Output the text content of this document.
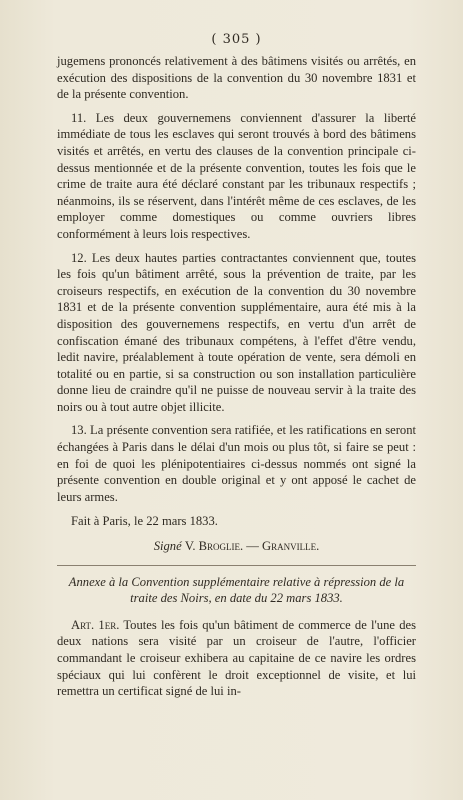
( 305 )

jugemens prononcés relativement à des bâtimens visités ou arrêtés, en exécution des dispositions de la convention du 30 novembre 1831 et de la présente convention.

11. Les deux gouvernemens conviennent d'assurer la liberté immédiate de tous les esclaves qui seront trouvés à bord des bâtimens visités et arrêtés, en vertu des clauses de la convention principale ci-dessus mentionnée et de la présente convention, toutes les fois que le crime de traite aura été déclaré constant par les tribunaux respectifs ; néanmoins, ils se réservent, dans l'intérêt même de ces esclaves, de les employer comme domestiques ou comme ouvriers libres conformément à leurs lois respectives.

12. Les deux hautes parties contractantes conviennent que, toutes les fois qu'un bâtiment arrêté, sous la prévention de traite, par les croiseurs respectifs, en exécution de la convention du 30 novembre 1831 et de la présente convention supplémentaire, aura été mis à la disposition des gouvernemens respectifs, en vertu d'un arrêt de confiscation émané des tribunaux compétens, à l'effet d'être vendu, ledit navire, préalablement à toute opération de vente, sera démoli en totalité ou en partie, si sa construction ou son installation particulière donne lieu de craindre qu'il ne puisse de nouveau servir à la traite des noirs ou à tout autre objet illicite.

13. La présente convention sera ratifiée, et les ratifications en seront échangées à Paris dans le délai d'un mois ou plus tôt, si faire se peut : en foi de quoi les plénipotentiaires ci-dessus nommés ont signé la présente convention en double original et y ont apposé le cachet de leurs armes.

Fait à Paris, le 22 mars 1833.

Signé V. Broglie. — Granville.

Annexe à la Convention supplémentaire relative à répression de la traite des Noirs, en date du 22 mars 1833.

Art. 1er. Toutes les fois qu'un bâtiment de commerce de l'une des deux nations sera visité par un croiseur de l'autre, l'officier commandant le croiseur exhibera au capitaine de ce navire les ordres spéciaux qui lui confèrent le droit exceptionnel de visite, et lui remettra un certificat signé de lui in-
